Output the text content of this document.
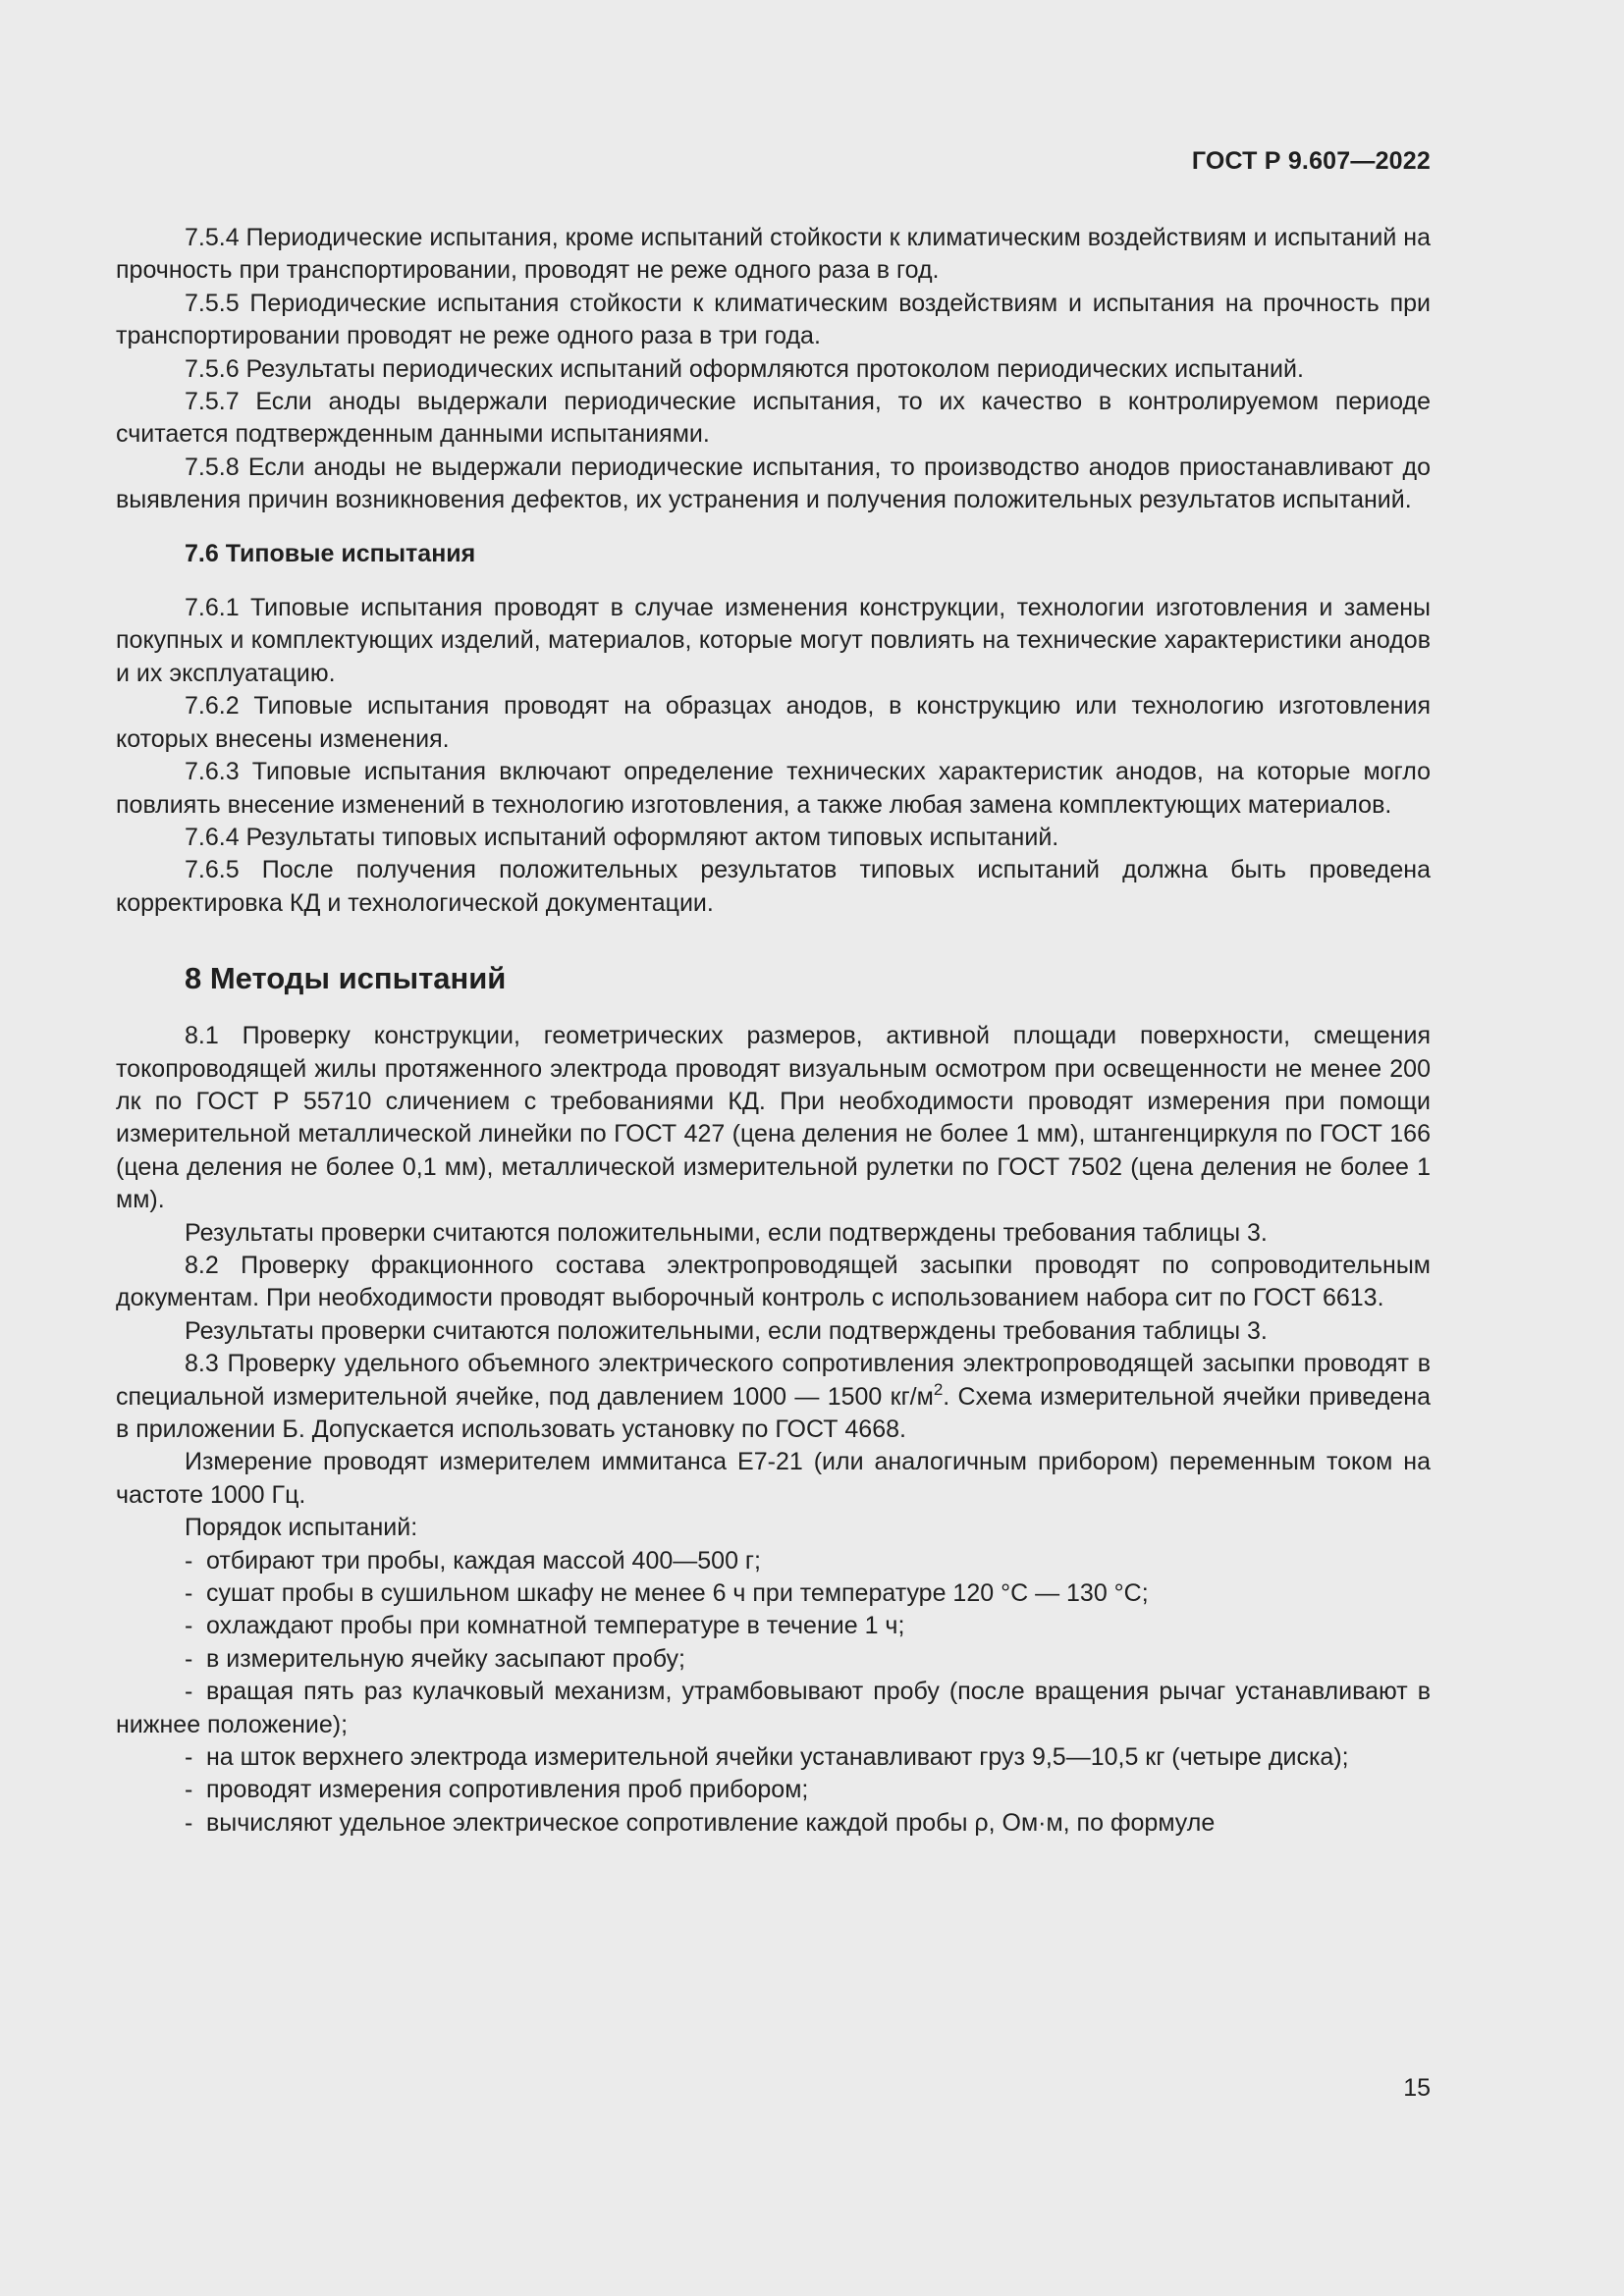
ГОСТ Р 9.607—2022

7.5.4 Периодические испытания, кроме испытаний стойкости к климатическим воздействиям и испытаний на прочность при транспортировании, проводят не реже одного раза в год.

7.5.5 Периодические испытания стойкости к климатическим воздействиям и испытания на прочность при транспортировании проводят не реже одного раза в три года.

7.5.6 Результаты периодических испытаний оформляются протоколом периодических испытаний.

7.5.7 Если аноды выдержали периодические испытания, то их качество в контролируемом периоде считается подтвержденным данными испытаниями.

7.5.8 Если аноды не выдержали периодические испытания, то производство анодов приостанавливают до выявления причин возникновения дефектов, их устранения и получения положительных результатов испытаний.

7.6 Типовые испытания

7.6.1 Типовые испытания проводят в случае изменения конструкции, технологии изготовления и замены покупных и комплектующих изделий, материалов, которые могут повлиять на технические характеристики анодов и их эксплуатацию.

7.6.2 Типовые испытания проводят на образцах анодов, в конструкцию или технологию изготовления которых внесены изменения.

7.6.3 Типовые испытания включают определение технических характеристик анодов, на которые могло повлиять внесение изменений в технологию изготовления, а также любая замена комплектующих материалов.

7.6.4 Результаты типовых испытаний оформляют актом типовых испытаний.

7.6.5 После получения положительных результатов типовых испытаний должна быть проведена корректировка КД и технологической документации.

8 Методы испытаний

8.1 Проверку конструкции, геометрических размеров, активной площади поверхности, смещения токопроводящей жилы протяженного электрода проводят визуальным осмотром при освещенности не менее 200 лк по ГОСТ Р 55710 сличением с требованиями КД. При необходимости проводят измерения при помощи измерительной металлической линейки по ГОСТ 427 (цена деления не более 1 мм), штангенциркуля по ГОСТ 166 (цена деления не более 0,1 мм), металлической измерительной рулетки по ГОСТ 7502 (цена деления не более 1 мм).

Результаты проверки считаются положительными, если подтверждены требования таблицы 3.

8.2 Проверку фракционного состава электропроводящей засыпки проводят по сопроводительным документам. При необходимости проводят выборочный контроль с использованием набора сит по ГОСТ 6613.

Результаты проверки считаются положительными, если подтверждены требования таблицы 3.

8.3 Проверку удельного объемного электрического сопротивления электропроводящей засыпки проводят в специальной измерительной ячейке, под давлением 1000 — 1500 $кг/м^2$. Схема измерительной ячейки приведена в приложении Б. Допускается использовать установку по ГОСТ 4668.

Измерение проводят измерителем иммитанса Е7-21 (или аналогичным прибором) переменным током на частоте 1000 Гц.

Порядок испытаний:

- отбирают три пробы, каждая массой 400—500 г;

- сушат пробы в сушильном шкафу не менее 6 ч при температуре 120 °С — 130 °С;

- охлаждают пробы при комнатной температуре в течение 1 ч;

- в измерительную ячейку засыпают пробу;

- вращая пять раз кулачковый механизм, утрамбовывают пробу (после вращения рычаг устанавливают в нижнее положение);

- на шток верхнего электрода измерительной ячейки устанавливают груз 9,5—10,5 кг (четыре диска);

- проводят измерения сопротивления проб прибором;

- вычисляют удельное электрическое сопротивление каждой пробы ρ, Ом·м, по формуле

15
